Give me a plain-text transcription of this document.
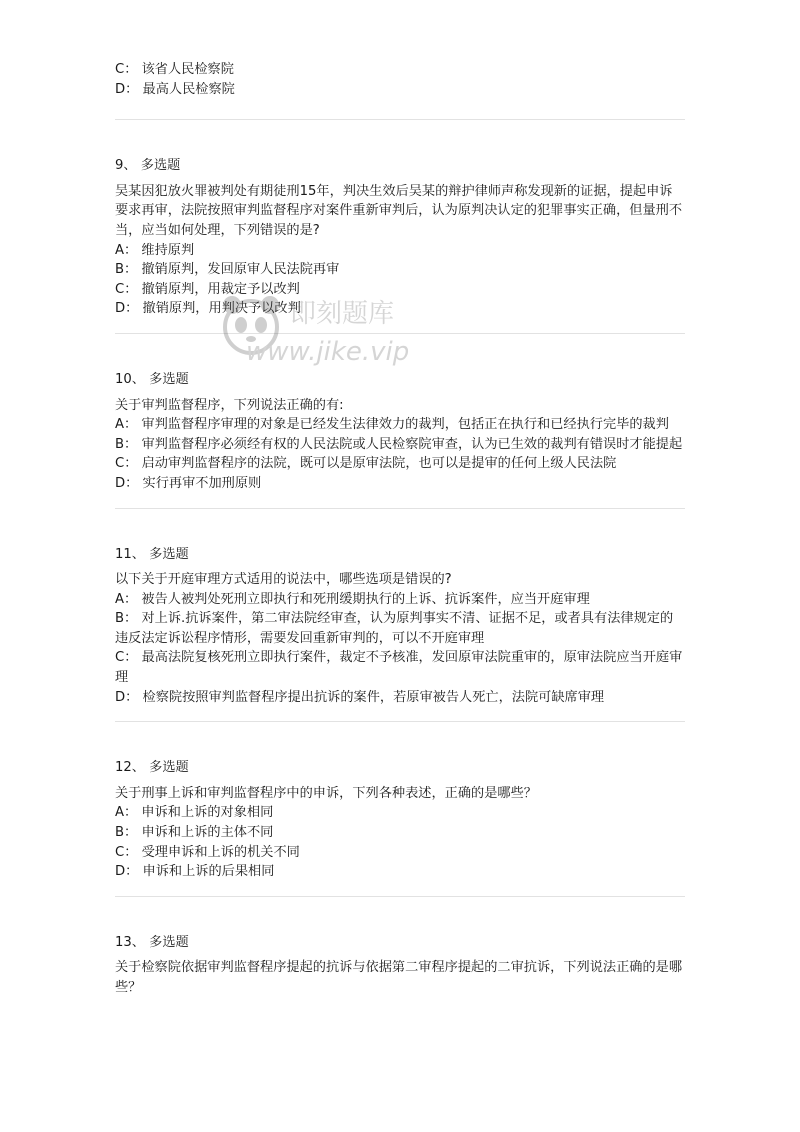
C： 该省人民检察院
D： 最高人民检察院
9、 多选题
吴某因犯放火罪被判处有期徒刑15年，判决生效后吴某的辩护律师声称发现新的证据，提起申诉要求再审，法院按照审判监督程序对案件重新审判后，认为原判决认定的犯罪事实正确，但量刑不当，应当如何处理，下列错误的是?
A： 维持原判
B： 撤销原判，发回原审人民法院再审
C： 撤销原判，用裁定予以改判
D： 撤销原判，用判决予以改判
10、 多选题
关于审判监督程序，下列说法正确的有:
A： 审判监督程序审理的对象是已经发生法律效力的裁判，包括正在执行和已经执行完毕的裁判
B： 审判监督程序必须经有权的人民法院或人民检察院审查，认为已生效的裁判有错误时才能提起
C： 启动审判监督程序的法院，既可以是原审法院，也可以是提审的任何上级人民法院
D： 实行再审不加刑原则
11、 多选题
以下关于开庭审理方式适用的说法中，哪些选项是错误的?
A： 被告人被判处死刑立即执行和死刑缓期执行的上诉、抗诉案件，应当开庭审理
B： 对上诉.抗诉案件，第二审法院经审查，认为原判事实不清、证据不足，或者具有法律规定的违反法定诉讼程序情形，需要发回重新审判的，可以不开庭审理
C： 最高法院复核死刑立即执行案件，裁定不予核准，发回原审法院重审的，原审法院应当开庭审理
D： 检察院按照审判监督程序提出抗诉的案件，若原审被告人死亡，法院可缺席审理
12、 多选题
关于刑事上诉和审判监督程序中的申诉，下列各种表述，正确的是哪些？
A： 申诉和上诉的对象相同
B： 申诉和上诉的主体不同
C： 受理申诉和上诉的机关不同
D： 申诉和上诉的后果相同
13、 多选题
关于检察院依据审判监督程序提起的抗诉与依据第二审程序提起的二审抗诉，下列说法正确的是哪些？
即刻题库
www.jike.vip
